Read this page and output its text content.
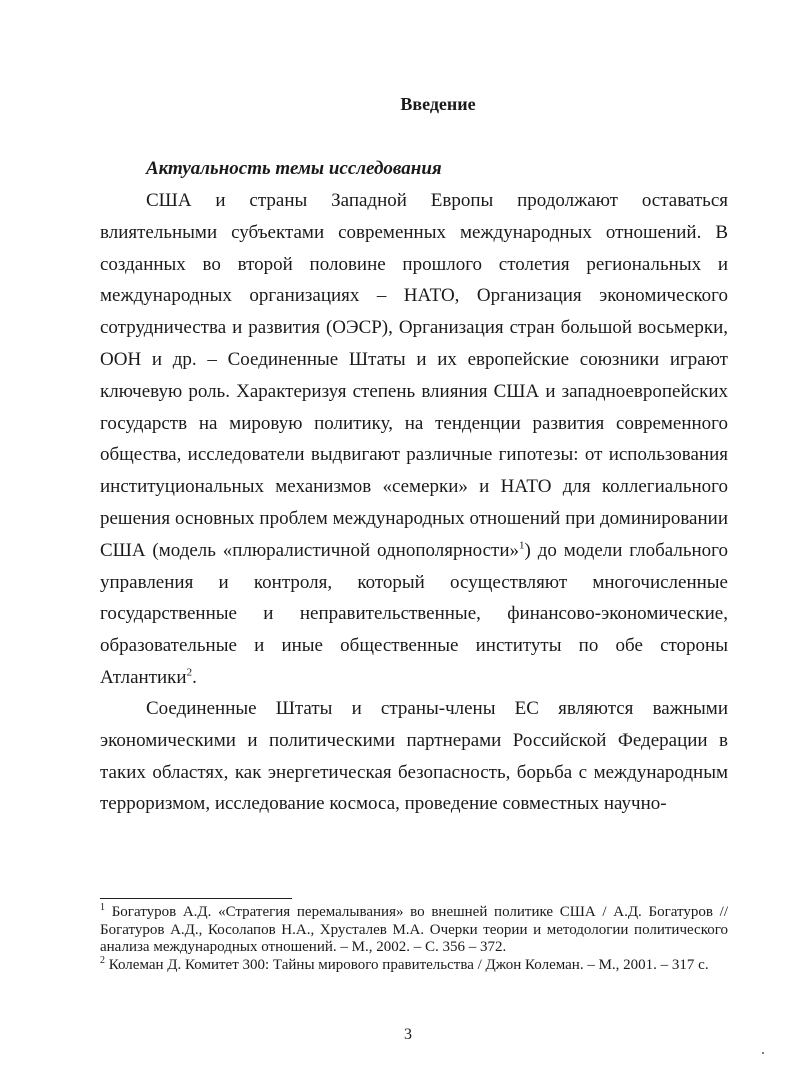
Введение
Актуальность темы исследования

США и страны Западной Европы продолжают оставаться влиятельными субъектами современных международных отношений. В созданных во второй половине прошлого столетия региональных и международных организациях – НАТО, Организация экономического сотрудничества и развития (ОЭСР), Организация стран большой восьмерки, ООН и др. – Соединенные Штаты и их европейские союзники играют ключевую роль. Характеризуя степень влияния США и западноевропейских государств на мировую политику, на тенденции развития современного общества, исследователи выдвигают различные гипотезы: от использования институциональных механизмов «семерки» и НАТО для коллегиального решения основных проблем международных отношений при доминировании США (модель «плюралистичной однополярности»$^1$) до модели глобального управления и контроля, который осуществляют многочисленные государственные и неправительственные, финансово-экономические, образовательные и иные общественные институты по обе стороны Атлантики$^2$.

Соединенные Штаты и страны-члены ЕС являются важными экономическими и политическими партнерами Российской Федерации в таких областях, как энергетическая безопасность, борьба с международным терроризмом, исследование космоса, проведение совместных научно-

$^1$ Богатуров А.Д. «Стратегия перемалывания» во внешней политике США / А.Д. Богатуров // Богатуров А.Д., Косолапов Н.А., Хрусталев М.А. Очерки теории и методологии политического анализа международных отношений. – М., 2002. – С. 356 – 372.

$^2$ Колеман Д. Комитет 300: Тайны мирового правительства / Джон Колеман. – М., 2001. – 317 с.

3
